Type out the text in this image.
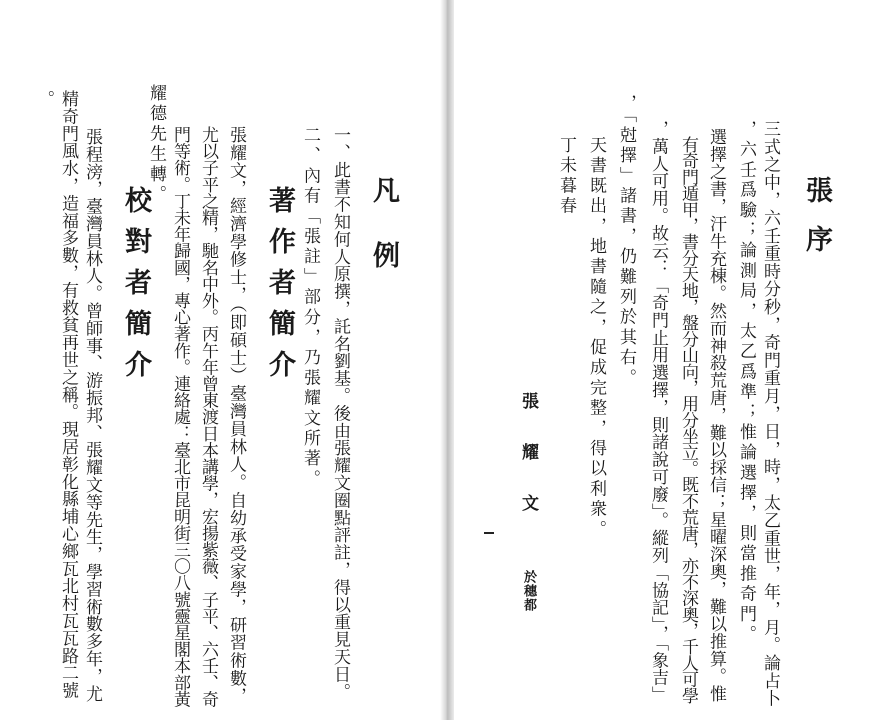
張序
三式之中，六壬重時分秒，奇門重月，日，時，太乙重世，年，月。論占卜
，六壬爲驗；論測局，太乙爲準；惟論選擇，則當推奇門。
選擇之書，汗牛充棟。然而神殺荒唐，難以採信；星曜深奧，難以推算。惟
有奇門遁甲，書分天地，盤分山向，用分坐立。既不荒唐，亦不深奧，千人可學
，萬人可用。故云：「奇門止用選擇，則諸說可廢」。縱列「協記」，「象吉」
，「尅擇」諸書，仍難列於其右。
天書既出，地書隨之，促成完整，得以利衆。
丁未暮春
張耀文
於穗都
凡例
一、此書不知何人原撰，託名劉基。後由張耀文圈點評註，得以重見天日。
二、內有「張註」部分，乃張耀文所著。
著作者簡介
張耀文，經濟學修士，（即碩士）臺灣員林人。自幼承受家學，研習術數，
尤以子平之精，馳名中外。丙午年曾東渡日本講學，宏揚紫薇、子平、六壬、奇
門等術。丁未年歸國，專心著作。連絡處：臺北市昆明街三〇八號靈星閣本部黃
耀德先生轉。
校對者簡介
張程滂，臺灣員林人。曾師事、游振邦、張耀文等先生，學習術數多年，尤
精奇門風水，造福多數，有救貧再世之稱。現居彰化縣埔心鄉瓦北村瓦瓦路二號
。
